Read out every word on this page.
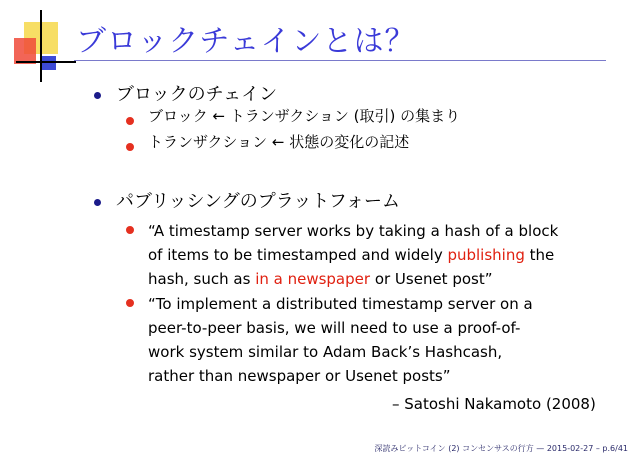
ブロックチェインとは？
ブロックのチェイン
ブロック ← トランザクション (取引) の集まり
トランザクション ← 状態の変化の記述
パブリッシングのプラットフォーム
“A timestamp server works by taking a hash of a block of items to be timestamped and widely publishing the hash, such as in a newspaper or Usenet post”
“To implement a distributed timestamp server on a peer-to-peer basis, we will need to use a proof-of-work system similar to Adam Back’s Hashcash, rather than newspaper or Usenet posts”
– Satoshi Nakamoto (2008)
深読みビットコイン (2) コンセンサスの行方 — 2015-02-27 – p.6/41
